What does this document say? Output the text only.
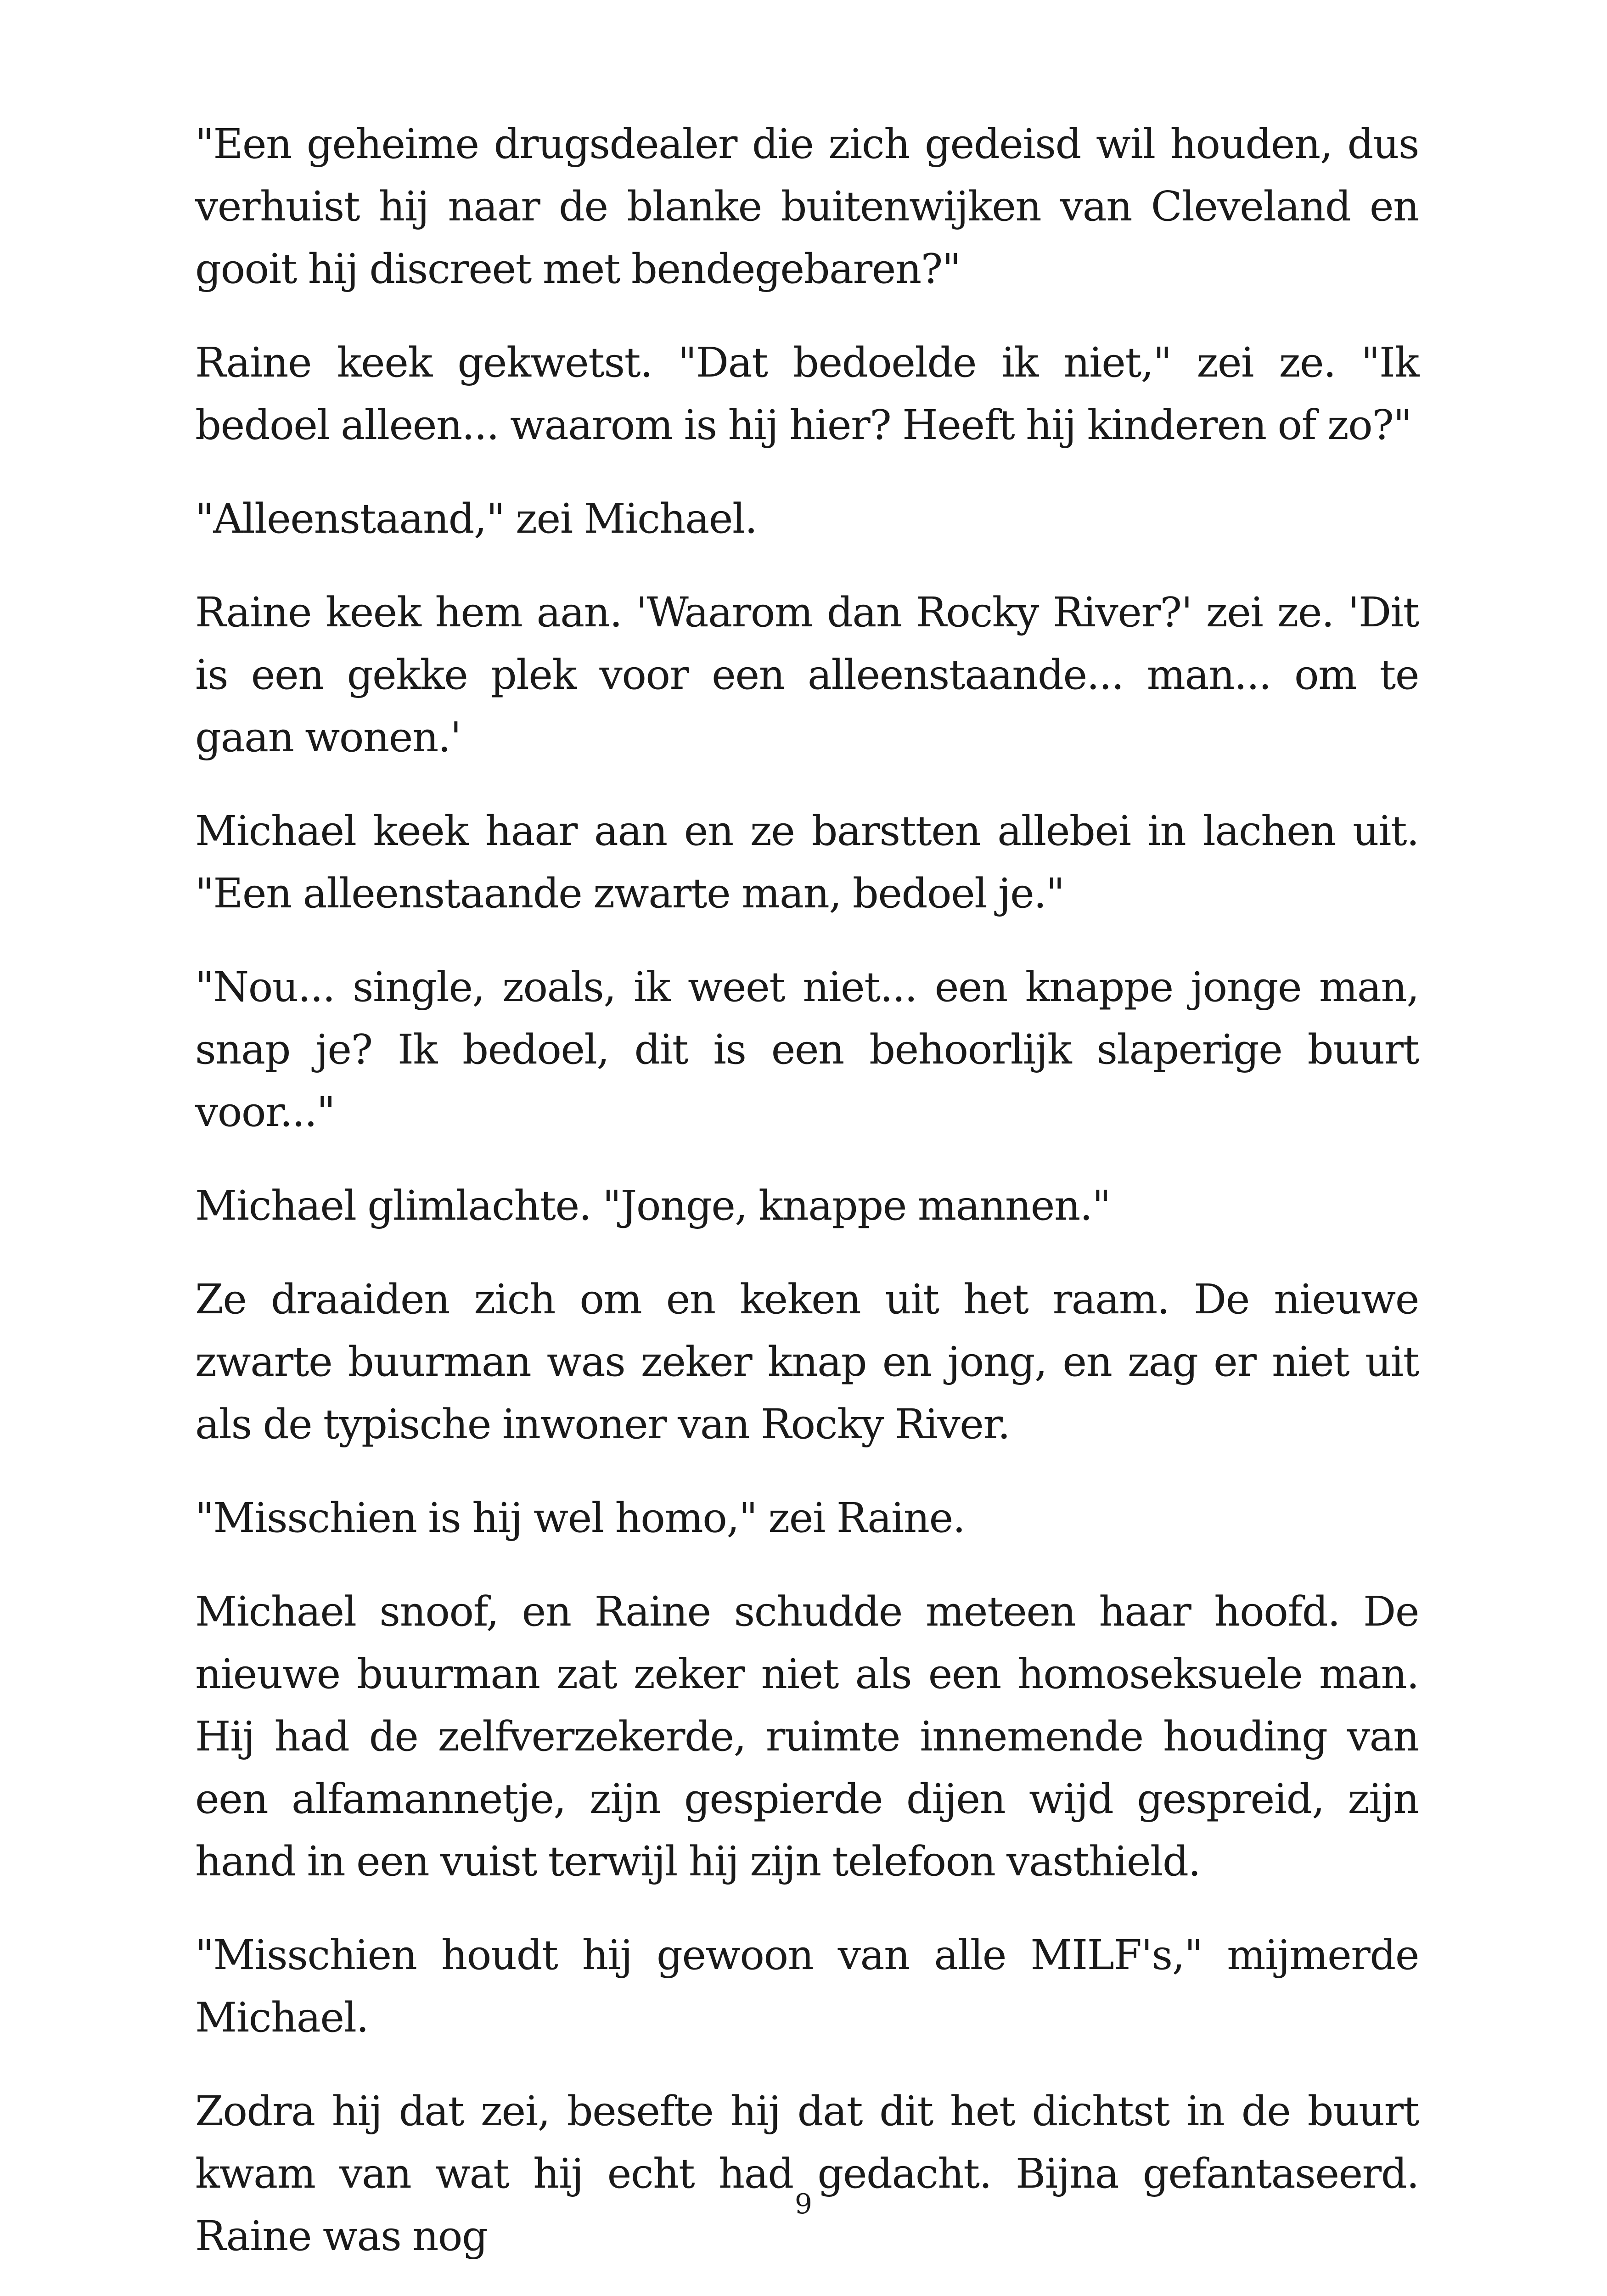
"Een geheime drugsdealer die zich gedeisd wil houden, dus verhuist hij naar de blanke buitenwijken van Cleveland en gooit hij discreet met bendegebaren?"

Raine keek gekwetst. "Dat bedoelde ik niet," zei ze. "Ik bedoel alleen... waarom is hij hier? Heeft hij kinderen of zo?"

"Alleenstaand," zei Michael.

Raine keek hem aan. 'Waarom dan Rocky River?' zei ze. 'Dit is een gekke plek voor een alleenstaande... man... om te gaan wonen.'

Michael keek haar aan en ze barstten allebei in lachen uit. "Een alleenstaande zwarte man, bedoel je."

"Nou... single, zoals, ik weet niet... een knappe jonge man, snap je? Ik bedoel, dit is een behoorlijk slaperige buurt voor..."

Michael glimlachte. "Jonge, knappe mannen."

Ze draaiden zich om en keken uit het raam. De nieuwe zwarte buurman was zeker knap en jong, en zag er niet uit als de typische inwoner van Rocky River.

"Misschien is hij wel homo," zei Raine.

Michael snoof, en Raine schudde meteen haar hoofd. De nieuwe buurman zat zeker niet als een homoseksuele man. Hij had de zelfverzekerde, ruimte innemende houding van een alfamannetje, zijn gespierde dijen wijd gespreid, zijn hand in een vuist terwijl hij zijn telefoon vasthield.

"Misschien houdt hij gewoon van alle MILF's," mijmerde Michael.

Zodra hij dat zei, besefte hij dat dit het dichtst in de buurt kwam van wat hij echt had gedacht. Bijna gefantaseerd. Raine was nog

9
